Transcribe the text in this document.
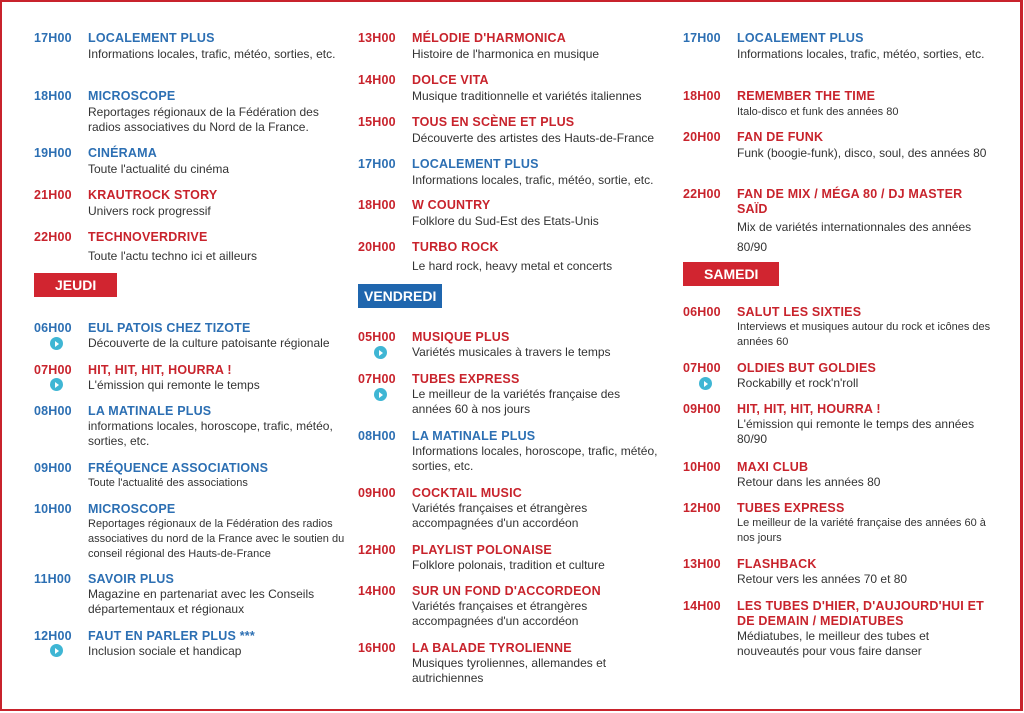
17H00	LOCALEMENT PLUS
Informations locales, trafic, météo, sorties, etc.
18H00	MICROSCOPE
Reportages régionaux de la Fédération des radios associatives du Nord de la France.
19H00	CINÉRAMA
Toute l'actualité du cinéma
21H00	KRAUTROCK STORY
Univers rock progressif
22H00	TECHNOVERDRIVE
Toute l'actu techno ici et ailleurs
JEUDI
06H00	EUL PATOIS CHEZ TIZOTE
Découverte de la culture patoisante régionale
07H00	HIT, HIT, HIT, HOURRA !
L'émission qui remonte le temps
08H00	LA MATINALE PLUS
informations locales, horoscope, trafic, météo, sorties, etc.
09H00	FRÉQUENCE ASSOCIATIONS
Toute l'actualité des associations
10H00	MICROSCOPE
Reportages régionaux de la Fédération des radios associatives du nord de la France avec le soutien du conseil régional des Hauts-de-France
11H00	SAVOIR PLUS
Magazine en partenariat avec les Conseils départementaux et régionaux
12H00	FAUT EN PARLER PLUS ***
Inclusion sociale et handicap
13H00	MÉLODIE D'HARMONICA
Histoire de l'harmonica en musique
14H00	DOLCE VITA
Musique traditionnelle et variétés italiennes
15H00	TOUS EN SCÈNE ET PLUS
Découverte des artistes des Hauts-de-France
17H00	LOCALEMENT PLUS
Informations locales, trafic, météo, sortie, etc.
18H00	W COUNTRY
Folklore du Sud-Est des Etats-Unis
20H00	TURBO ROCK
Le hard rock, heavy metal et concerts
VENDREDI
05H00	MUSIQUE PLUS
Variétés musicales à travers le temps
07H00	TUBES EXPRESS
Le meilleur de la variétés française des années 60 à nos jours
08H00	LA MATINALE PLUS
Informations locales, horoscope, trafic, météo, sorties, etc.
09H00	COCKTAIL MUSIC
Variétés françaises et étrangères accompagnées d'un accordéon
12H00	PLAYLIST POLONAISE
Folklore polonais, tradition et culture
14H00	SUR UN FOND D'ACCORDEON
Variétés françaises et étrangères accompagnées d'un accordéon
16H00	LA BALADE TYROLIENNE
Musiques tyroliennes, allemandes et autrichiennes
17H00	LOCALEMENT PLUS
Informations locales, trafic, météo, sorties, etc.
18H00	REMEMBER THE TIME
Italo-disco et funk des années 80
20H00	FAN DE FUNK
Funk (boogie-funk), disco, soul, des années 80
22H00	FAN DE MIX / MÉGA 80 / DJ MASTER SAÏD
Mix de variétés internationnales des années 80/90
SAMEDI
06H00	SALUT LES SIXTIES
Interviews et musiques autour du rock et icônes des années 60
07H00	OLDIES BUT GOLDIES
Rockabilly et rock'n'roll
09H00	HIT, HIT, HIT, HOURRA !
L'émission qui remonte le temps des années 80/90
10H00	MAXI CLUB
Retour dans les années 80
12H00	TUBES EXPRESS
Le meilleur de la variété française des années 60 à nos jours
13H00	FLASHBACK
Retour vers les années 70 et 80
14H00	LES TUBES D'HIER, D'AUJOURD'HUI ET DE DEMAIN / MEDIATUBES
Médiatubes, le meilleur des tubes et nouveautés pour vous faire danser
